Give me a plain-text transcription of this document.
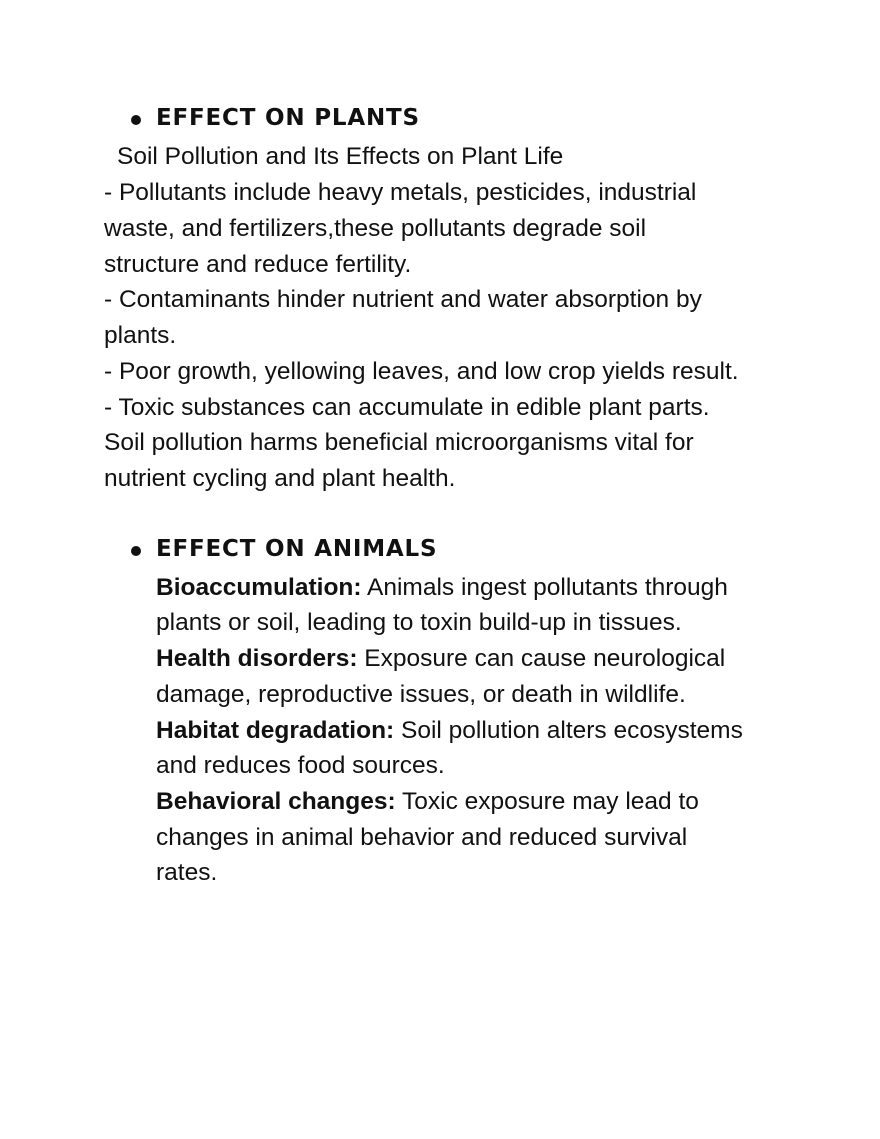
EFFECT ON PLANTS
Soil Pollution and Its Effects on Plant Life
- Pollutants include heavy metals, pesticides, industrial
waste, and fertilizers,these pollutants degrade soil
structure and reduce fertility.
- Contaminants hinder nutrient and water absorption by
plants.
- Poor growth, yellowing leaves, and low crop yields result.
- Toxic substances can accumulate in edible plant parts.
Soil pollution harms beneficial microorganisms vital for
nutrient cycling and plant health.
EFFECT ON ANIMALS
Bioaccumulation: Animals ingest pollutants through
plants or soil, leading to toxin build-up in tissues.
Health disorders: Exposure can cause neurological
damage, reproductive issues, or death in wildlife.
Habitat degradation: Soil pollution alters ecosystems
and reduces food sources.
Behavioral changes: Toxic exposure may lead to
changes in animal behavior and reduced survival
rates.
